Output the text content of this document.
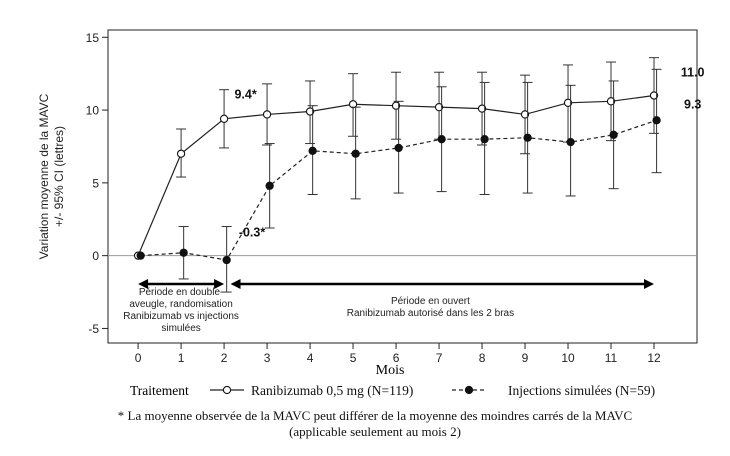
-5
0
5
10
15
0	1	2	3	4	5	6	7	8	9	10	11	12
Variation moyenne de la MAVC +/- 95% CI (lettres)
Mois
Période en double-
aveugle, randomisation
Ranibizumab vs injections
simulées
Période en ouvert
Ranibizumab autorisé dans les 2 bras
9.4*
-0.3*
11.0
9.3
Traitement	Ranibizumab 0,5 mg (N=119)	Injections simulées (N=59)
* La moyenne observée de la MAVC peut différer de la moyenne des moindres carrés de la MAVC
(applicable seulement au mois 2)
